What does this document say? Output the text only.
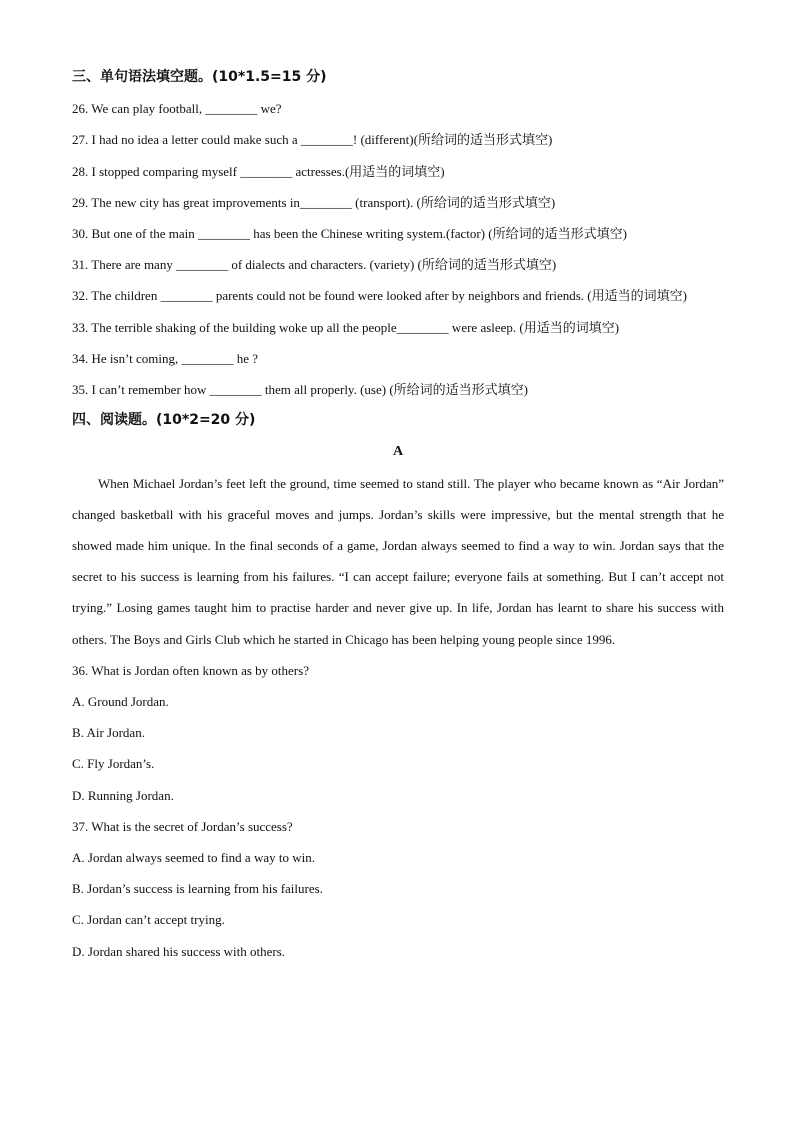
三、单句语法填空题。(10*1.5=15 分)
26. We can play football, ________ we?
27. I had no idea a letter could make such a ________! (different)(所给词的适当形式填空)
28. I stopped comparing myself ________ actresses.(用适当的词填空)
29. The new city has great improvements in________ (transport). (所给词的适当形式填空)
30. But one of the main ________ has been the Chinese writing system.(factor) (所给词的适当形式填空)
31. There are many ________ of dialects and characters. (variety) (所给词的适当形式填空)
32. The children ________ parents could not be found were looked after by neighbors and friends. (用适当的词填空)
33. The terrible shaking of the building woke up all the people________ were asleep. (用适当的词填空)
34. He isn’t coming, ________ he ?
35. I can’t remember how ________ them all properly. (use) (所给词的适当形式填空)
四、阅读题。(10*2=20 分)
A
When Michael Jordan’s feet left the ground, time seemed to stand still. The player who became known as “Air Jordan” changed basketball with his graceful moves and jumps. Jordan’s skills were impressive, but the mental strength that he showed made him unique. In the final seconds of a game, Jordan always seemed to find a way to win. Jordan says that the secret to his success is learning from his failures. “I can accept failure; everyone fails at something. But I can’t accept not trying.” Losing games taught him to practise harder and never give up. In life, Jordan has learnt to share his success with others. The Boys and Girls Club which he started in Chicago has been helping young people since 1996.
36. What is Jordan often known as by others?
A. Ground Jordan.
B. Air Jordan.
C. Fly Jordan’s.
D. Running Jordan.
37. What is the secret of Jordan’s success?
A. Jordan always seemed to find a way to win.
B. Jordan’s success is learning from his failures.
C. Jordan can’t accept trying.
D. Jordan shared his success with others.
